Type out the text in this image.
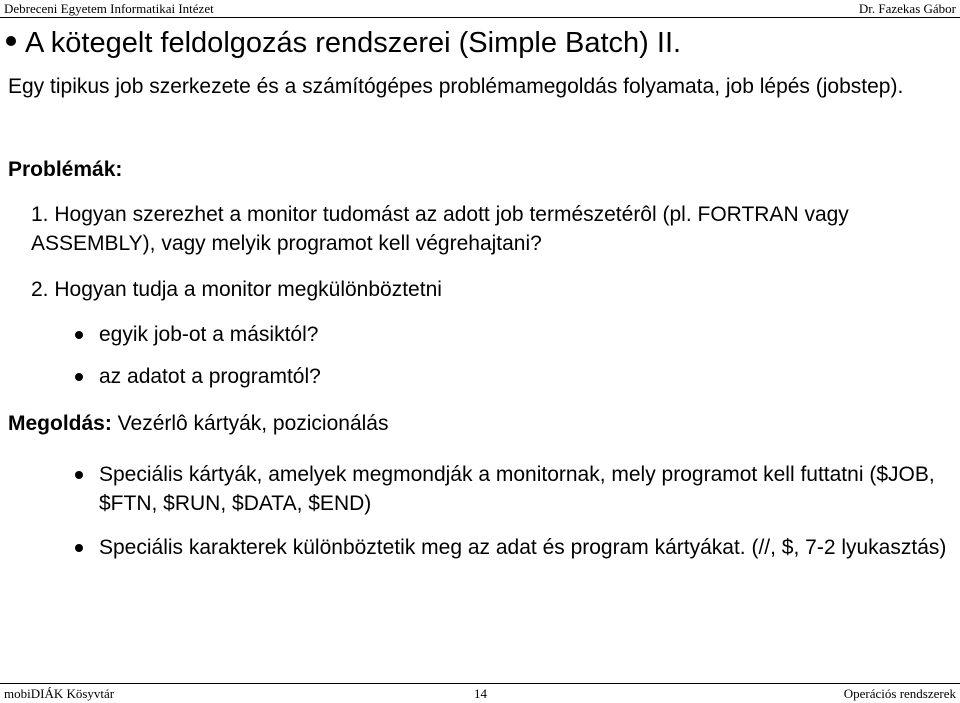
Debreceni Egyetem Informatikai Intézet	Dr. Fazekas Gábor
A kötegelt feldolgozás rendszerei (Simple Batch) II.
Egy tipikus job szerkezete és a számítógépes problémamegoldás folyamata, job lépés (jobstep).
Problémák:
1. Hogyan szerezhet a monitor tudomást az adott job természetérôl (pl. FORTRAN vagy ASSEMBLY), vagy melyik programot kell végrehajtani?
2. Hogyan tudja a monitor megkülönböztetni
egyik job-ot a másiktól?
az adatot a programtól?
Megoldás: Vezérlô kártyák, pozicionálás
Speciális kártyák, amelyek megmondják a monitornak, mely programot kell futtatni ($JOB, $FTN, $RUN, $DATA, $END)
Speciális karakterek különböztetik meg az adat és program kártyákat. (//, $, 7-2 lyukasztás)
mobiDIÁK Kösyvtár	14	Operációs rendszerek
